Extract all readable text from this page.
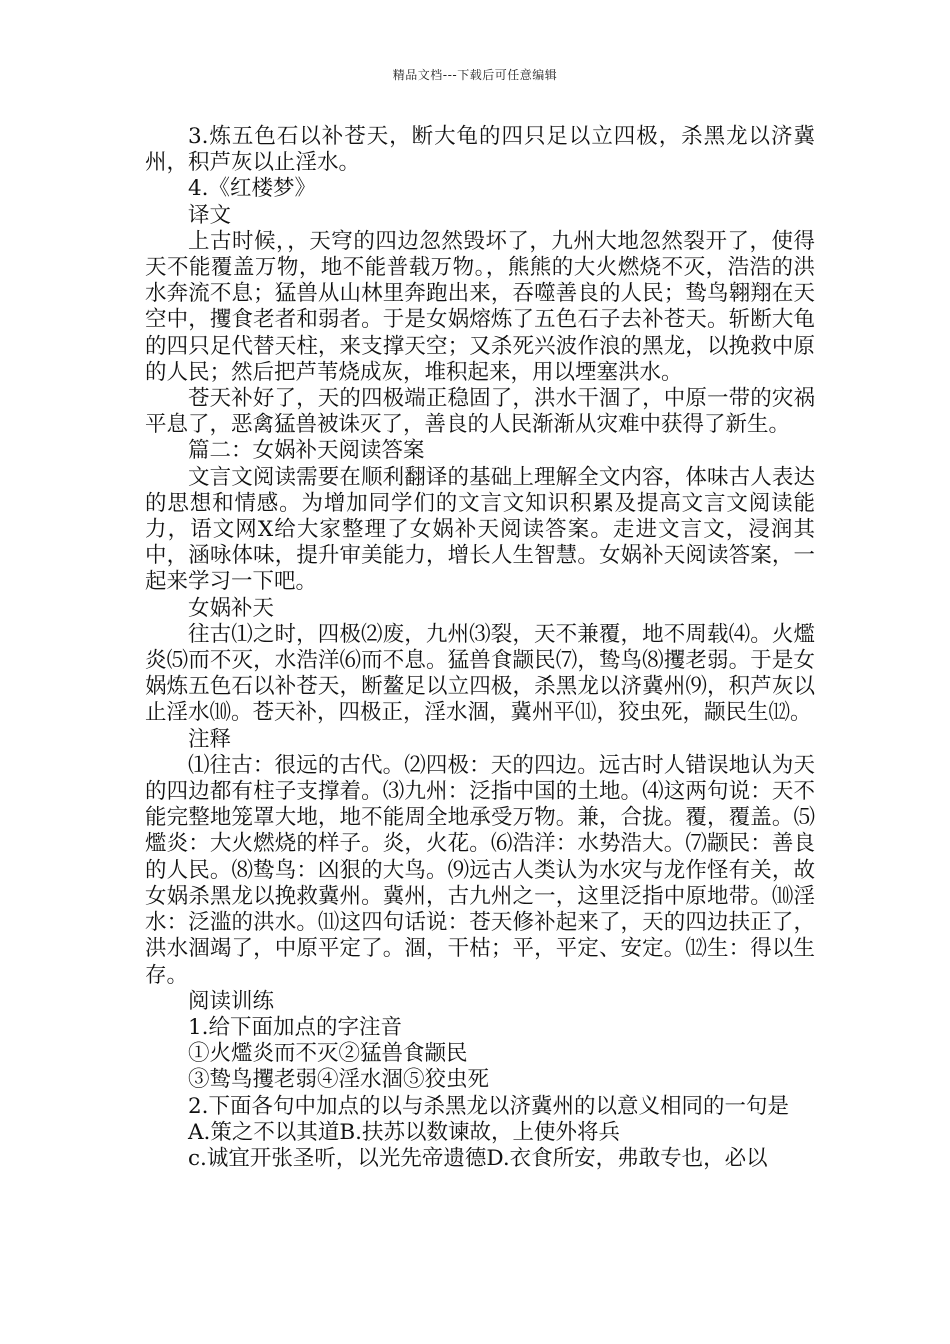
精品文档---下载后可任意编辑

3.炼五色石以补苍天，断大龟的四只足以立四极，杀黑龙以济冀州，积芦灰以止淫水。

4.《红楼梦》

译文

上古时候，，天穹的四边忽然毁坏了，九州大地忽然裂开了，使得天不能覆盖万物，地不能普载万物。，熊熊的大火燃烧不灭，浩浩的洪水奔流不息；猛兽从山林里奔跑出来，吞噬善良的人民；鸷鸟翱翔在天空中，攫食老者和弱者。于是女娲熔炼了五色石子去补苍天。斩断大龟的四只足代替天柱，来支撑天空；又杀死兴波作浪的黑龙，以挽救中原的人民；然后把芦苇烧成灰，堆积起来，用以堙塞洪水。

苍天补好了，天的四极端正稳固了，洪水干涸了，中原一带的灾祸平息了，恶禽猛兽被诛灭了，善良的人民渐渐从灾难中获得了新生。

篇二：女娲补天阅读答案

文言文阅读需要在顺利翻译的基础上理解全文内容，体味古人表达的思想和情感。为增加同学们的文言文知识积累及提高文言文阅读能力，语文网X给大家整理了女娲补天阅读答案。走进文言文，浸润其中，涵咏体味，提升审美能力，增长人生智慧。女娲补天阅读答案，一起来学习一下吧。

女娲补天

往古⑴之时，四极⑵废，九州⑶裂，天不兼覆，地不周载⑷。火爁炎⑸而不灭，水浩洋⑹而不息。猛兽食颛民⑺，鸷鸟⑻攫老弱。于是女娲炼五色石以补苍天，断鳌足以立四极，杀黑龙以济冀州⑼，积芦灰以止淫水⑽。苍天补，四极正，淫水涸，冀州平⑾，狡虫死，颛民生⑿。

注释

⑴往古：很远的古代。⑵四极：天的四边。远古时人错误地认为天的四边都有柱子支撑着。⑶九州：泛指中国的土地。⑷这两句说：天不能完整地笼罩大地，地不能周全地承受万物。兼，合拢。覆，覆盖。⑸爁炎：大火燃烧的样子。炎，火花。⑹浩洋：水势浩大。⑺颛民：善良的人民。⑻鸷鸟：凶狠的大鸟。⑼远古人类认为水灾与龙作怪有关，故女娲杀黑龙以挽救冀州。冀州，古九州之一，这里泛指中原地带。⑽淫水：泛滥的洪水。⑾这四句话说：苍天修补起来了，天的四边扶正了，洪水涸竭了，中原平定了。涸，干枯；平，平定、安定。⑿生：得以生存。

阅读训练

1.给下面加点的字注音

①火爁炎而不灭②猛兽食颛民

③鸷鸟攫老弱④淫水涸⑤狡虫死

2.下面各句中加点的以与杀黑龙以济冀州的以意义相同的一句是

A.策之不以其道B.扶苏以数谏故，上使外将兵

c.诚宜开张圣听，以光先帝遗德D.衣食所安，弗敢专也，必以
